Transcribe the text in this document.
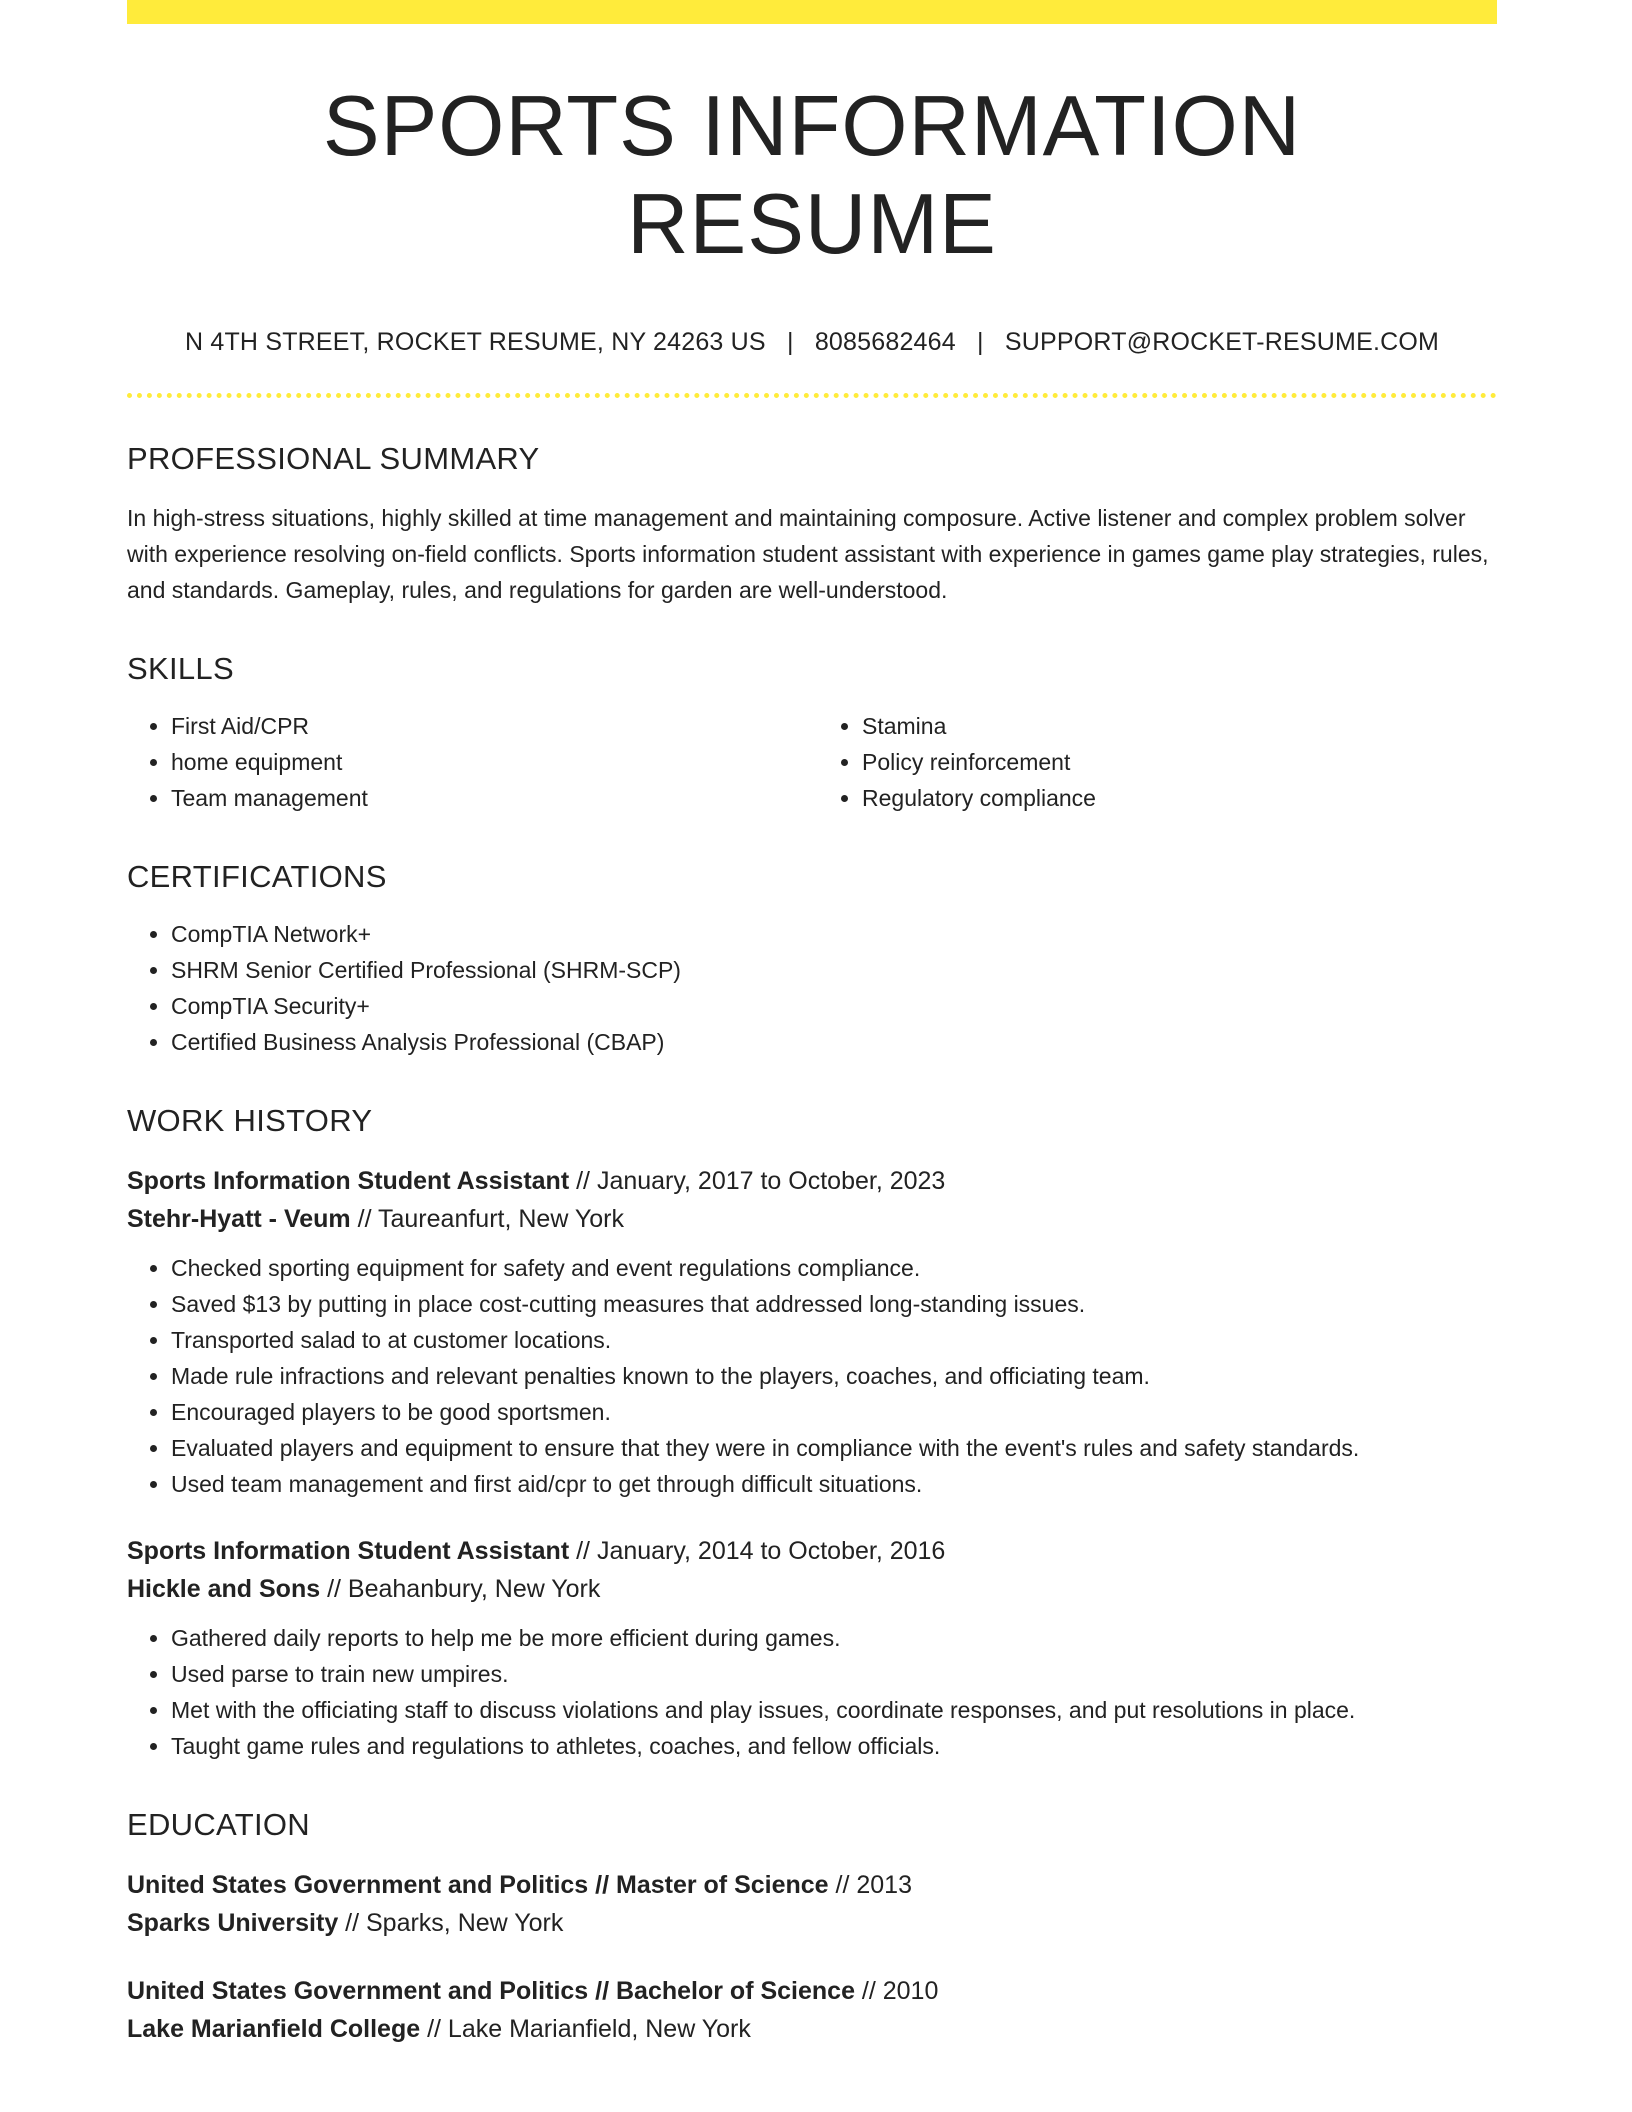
SPORTS INFORMATION RESUME
N 4TH STREET, ROCKET RESUME, NY 24263 US | 8085682464 | SUPPORT@ROCKET-RESUME.COM
PROFESSIONAL SUMMARY

In high-stress situations, highly skilled at time management and maintaining composure. Active listener and complex problem solver with experience resolving on-field conflicts. Sports information student assistant with experience in games game play strategies, rules, and standards. Gameplay, rules, and regulations for garden are well-understood.

SKILLS
• First Aid/CPR
• home equipment
• Team management
• Stamina
• Policy reinforcement
• Regulatory compliance
CERTIFICATIONS
• CompTIA Network+
• SHRM Senior Certified Professional (SHRM-SCP)
• CompTIA Security+
• Certified Business Analysis Professional (CBAP)
WORK HISTORY
Sports Information Student Assistant // January, 2017 to October, 2023
Stehr-Hyatt - Veum // Taureanfurt, New York
• Checked sporting equipment for safety and event regulations compliance.
• Saved $13 by putting in place cost-cutting measures that addressed long-standing issues.
• Transported salad to at customer locations.
• Made rule infractions and relevant penalties known to the players, coaches, and officiating team.
• Encouraged players to be good sportsmen.
• Evaluated players and equipment to ensure that they were in compliance with the event's rules and safety standards.
• Used team management and first aid/cpr to get through difficult situations.
Sports Information Student Assistant // January, 2014 to October, 2016
Hickle and Sons // Beahanbury, New York
• Gathered daily reports to help me be more efficient during games.
• Used parse to train new umpires.
• Met with the officiating staff to discuss violations and play issues, coordinate responses, and put resolutions in place.
• Taught game rules and regulations to athletes, coaches, and fellow officials.
EDUCATION
United States Government and Politics // Master of Science // 2013
Sparks University // Sparks, New York
United States Government and Politics // Bachelor of Science // 2010
Lake Marianfield College // Lake Marianfield, New York
